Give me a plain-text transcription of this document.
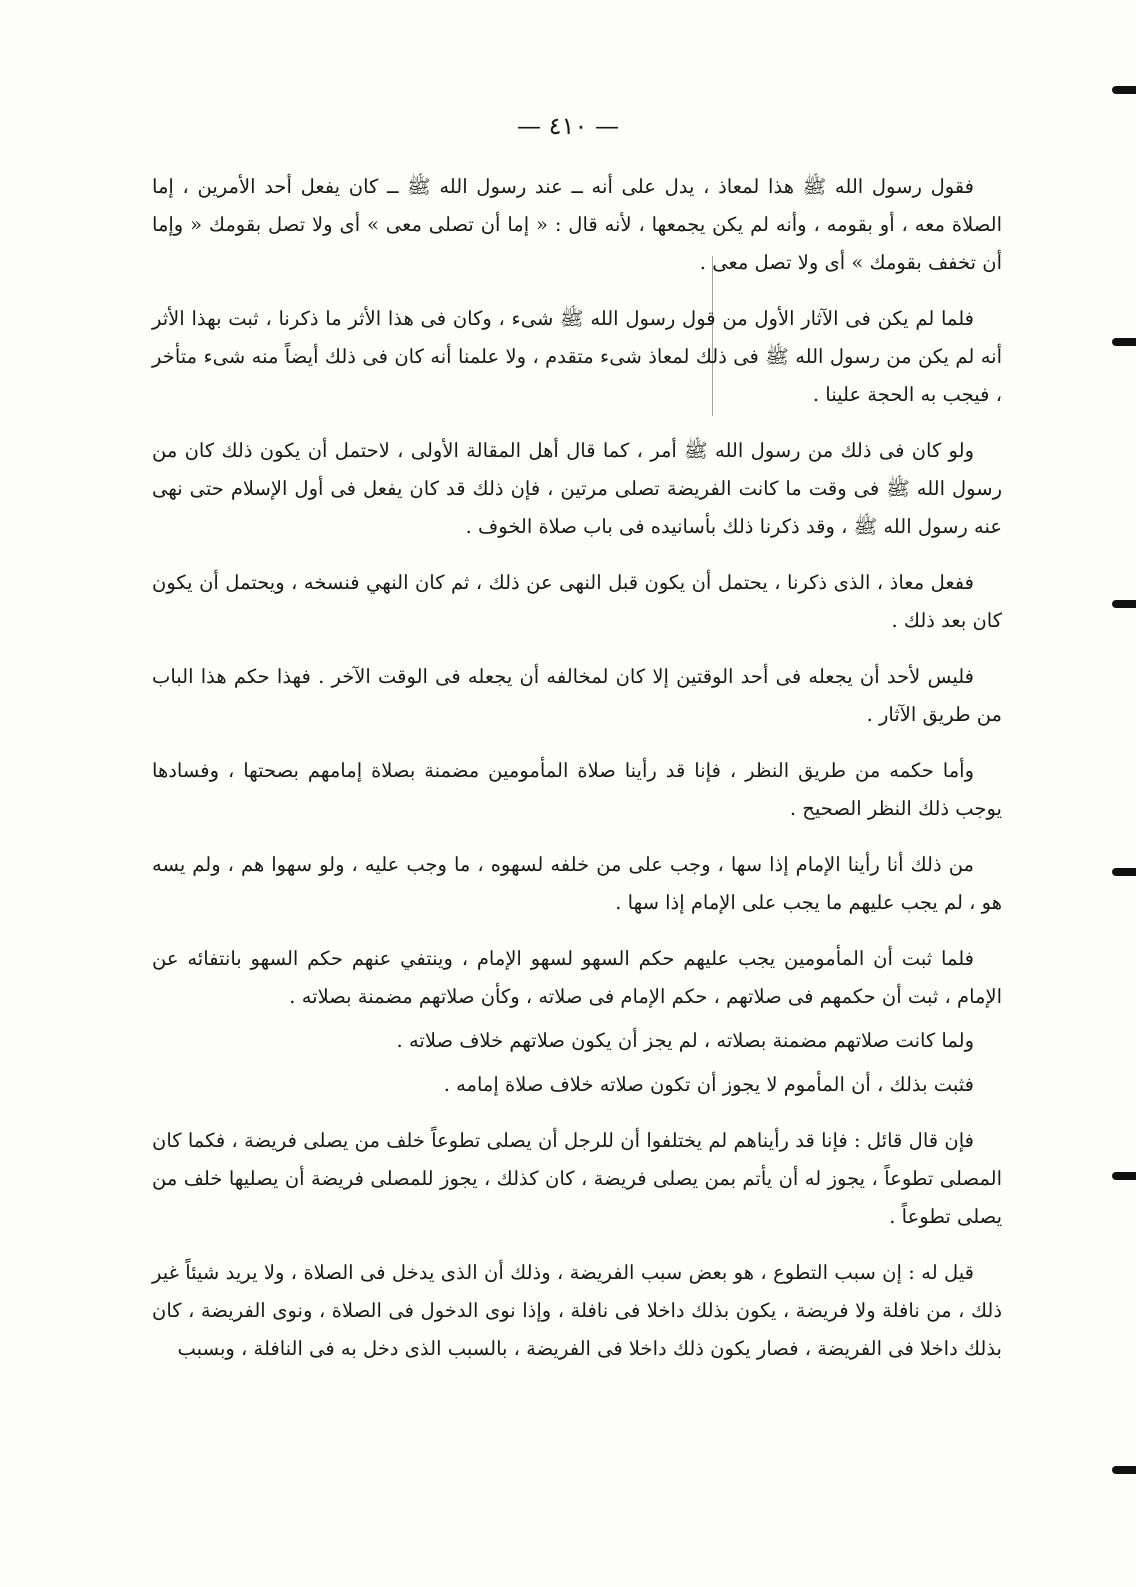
— ٤١٠ —

فقول رسول الله ﷺ هذا لمعاذ ، يدل على أنه ــ عند رسول الله ﷺ ــ كان يفعل أحد الأمرين ، إما الصلاة معه ، أو بقومه ، وأنه لم يكن يجمعها ، لأنه قال : « إما أن تصلى معى » أى ولا تصل بقومك « وإما أن تخفف بقومك » أى ولا تصل معى .

فلما لم يكن فى الآثار الأول من قول رسول الله ﷺ شىء ، وكان فى هذا الأثر ما ذكرنا ، ثبت بهذا الأثر أنه لم يكن من رسول الله ﷺ فى ذلك لمعاذ شىء متقدم ، ولا علمنا أنه كان فى ذلك أيضاً منه شىء متأخر ، فيجب به الحجة علينا .

ولو كان فى ذلك من رسول الله ﷺ أمر ، كما قال أهل المقالة الأولى ، لاحتمل أن يكون ذلك كان من رسول الله ﷺ فى وقت ما كانت الفريضة تصلى مرتين ، فإن ذلك قد كان يفعل فى أول الإسلام حتى نهى عنه رسول الله ﷺ ، وقد ذكرنا ذلك بأسانيده فى باب صلاة الخوف .

ففعل معاذ ، الذى ذكرنا ، يحتمل أن يكون قبل النهى عن ذلك ، ثم كان النهي فنسخه ، ويحتمل أن يكون كان بعد ذلك .

فليس لأحد أن يجعله فى أحد الوقتين إلا كان لمخالفه أن يجعله فى الوقت الآخر . فهذا حكم هذا الباب من طريق الآثار .

وأما حكمه من طريق النظر ، فإنا قد رأينا صلاة المأمومين مضمنة بصلاة إمامهم بصحتها ، وفسادها يوجب ذلك النظر الصحيح .

من ذلك أنا رأينا الإمام إذا سها ، وجب على من خلفه لسهوه ، ما وجب عليه ، ولو سهوا هم ، ولم يسه هو ، لم يجب عليهم ما يجب على الإمام إذا سها .

فلما ثبت أن المأمومين يجب عليهم حكم السهو لسهو الإمام ، وينتفي عنهم حكم السهو بانتفائه عن الإمام ، ثبت أن حكمهم فى صلاتهم ، حكم الإمام فى صلاته ، وكأن صلاتهم مضمنة بصلاته .

ولما كانت صلاتهم مضمنة بصلاته ، لم يجز أن يكون صلاتهم خلاف صلاته .

فثبت بذلك ، أن المأموم لا يجوز أن تكون صلاته خلاف صلاة إمامه .

فإن قال قائل : فإنا قد رأيناهم لم يختلفوا أن للرجل أن يصلى تطوعاً خلف من يصلى فريضة ، فكما كان المصلى تطوعاً ، يجوز له أن يأتم بمن يصلى فريضة ، كان كذلك ، يجوز للمصلى فريضة أن يصليها خلف من يصلى تطوعاً .

قيل له : إن سبب التطوع ، هو بعض سبب الفريضة ، وذلك أن الذى يدخل فى الصلاة ، ولا يريد شيئاً غير ذلك ، من نافلة ولا فريضة ، يكون بذلك داخلا فى نافلة ، وإذا نوى الدخول فى الصلاة ، ونوى الفريضة ، كان بذلك داخلا فى الفريضة ، فصار يكون ذلك داخلا فى الفريضة ، بالسبب الذى دخل به فى النافلة ، وبسبب
